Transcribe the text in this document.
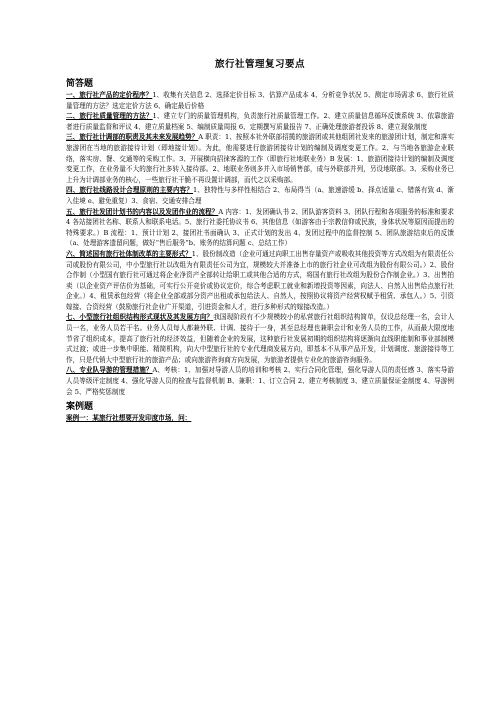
旅行社管理复习要点
简答题

一、旅行社产品的定价程序？1、收集有关信息 2、选择定价目标 3、估算产品成本 4、分析竞争状况 5、测定市场需求 6、旅行社质量管理的方法？选定定价方法 6、确定最后价格

二、旅行社质量管理的方法？1、建立专门的质量管理机构，负责旅行社质量管理工作。2、建立质量信息循环反馈系统 3、依靠旅游者进行质量监督和评议 4、建立质量档案 5、编制质量周报 6、定期撰写质量报告 7、正确处理旅游者投诉 8、建立现象制度

三、旅行社计调部的职责及其未来发展趋势？A 职责：1、按照本社外联部招揽的旅游团或其他组团社发来的旅游团计划，制定和落实旅游团在当地的旅游接待计划（即地接计划）。为此，他需要进行旅游团接待计划的编制及调度变更工作。2、与当地各旅游企业联络，落实房、餐、交通等的采购工作。3、开展横向招徕客源的工作（即旅行社地联业务）B 发展：1、旅游团接待计划的编制及调度变更工作，在业务量不大的旅行社多转入接待部。2、地联业务则多并入市场销售部，成与外联部并列，另设地联部。3、采购业务已上升为计调部业务的核心，一些旅行社干脆不再设置计调部，而代之以采购部。

四、旅行社线路设计合理原则的主要内容？1、独特性与多样性相结合 2、布局得当（a、旅速游缓 b、择点适量 c、错落有致 d、渐入佳境 e、避免重复）3、食宿、交通安排合理

五、旅行社发团计划书的内容以及发团作业的流程？A 内容：1、发团确认书 2、团队游客资料 3、团队行程和各项服务的标准和要求 4 各站接团社名称、联系人和联系电话。5、旅行社委托协议书 6、其他信息（如游客由于宗教信仰或民族，身体状况等原因而提出的特殊要求。）B 流程：1、预计计划 2、接团社书面确认 3、正式计划的发出 4、发团过程中的监督控制 5、团队旅游结束后的反馈（a、处理游客遗留问题，做好“售后服务”b、账务的结算问题 c、总结工作）

六、简述国有旅行社体制改革的主要形式？1、股份制改造（企业可通过向职工出售存量资产或吸收其他投资等方式改组为有限责任公司或股份有限公司，中小型旅行社以改组为有限责任公司为宜，规模较大并准备上市的旅行社企业可改组为股份有限公司。）2、股份合作制（小型国有旅行社可通过将企业净资产全部转让给职工或其他合适的方式，将国有旅行社改组为股份合作制企业。）3、出售拍卖（以企业资产评估价为基础，可实行公开竞价或协议定价，综合考虑职工就业和新增投资等因素，向法人、自然人出售给点旅行社企业。）4、租赁承包经营（将企业全部或部分资产出租或承包给法人、自然人，按照协议将资产经营权赋予租赁、承包人。）5、引资嫁接、合资经营（鼓励旅行社企业广开渠道，引进资金和人才，进行多种形式的嫁接改造。）

七、小型旅行社组织结构形式现状及其发展方向？我国现阶段有不少规模较小的私营旅行社组织结构简单，仅设总经理一名，会计人员一名，业务人员若干名。业务人员每人都兼外联、计调、接待于一身，甚至总经理也兼职会计和业务人员的工作，从而最大限度地节省了组织成本，提高了旅行社的经济效益，但随着企业的发展，这种旅行社发展初期的组织结构将逐渐向直线职能制和事业部制模式过渡；或进一步集中职能、精简机构，向大中型旅行社的专业代理商发展方向，即基本不从事产品开发，计划调度、旅游接待等工作，只是代销大中型旅行社的旅游产品；或向旅游咨询商方向发展，为旅游者提供专业化的旅游咨询服务。

八、专业队导游的管理措施？A、考核：1、加强对导游人员的培训和考核 2、实行合同化管理，强化导游人员的责任感 3、落实导游人员等级评定制度 4、强化导游人员的检查与监督机制 B、兼职：1、订立合同 2、建立考核制度 3、建立质量保证金制度 4、导游例会 5、严格奖惩制度

案例题

案例一：某旅行社想要开发印度市场，问：
